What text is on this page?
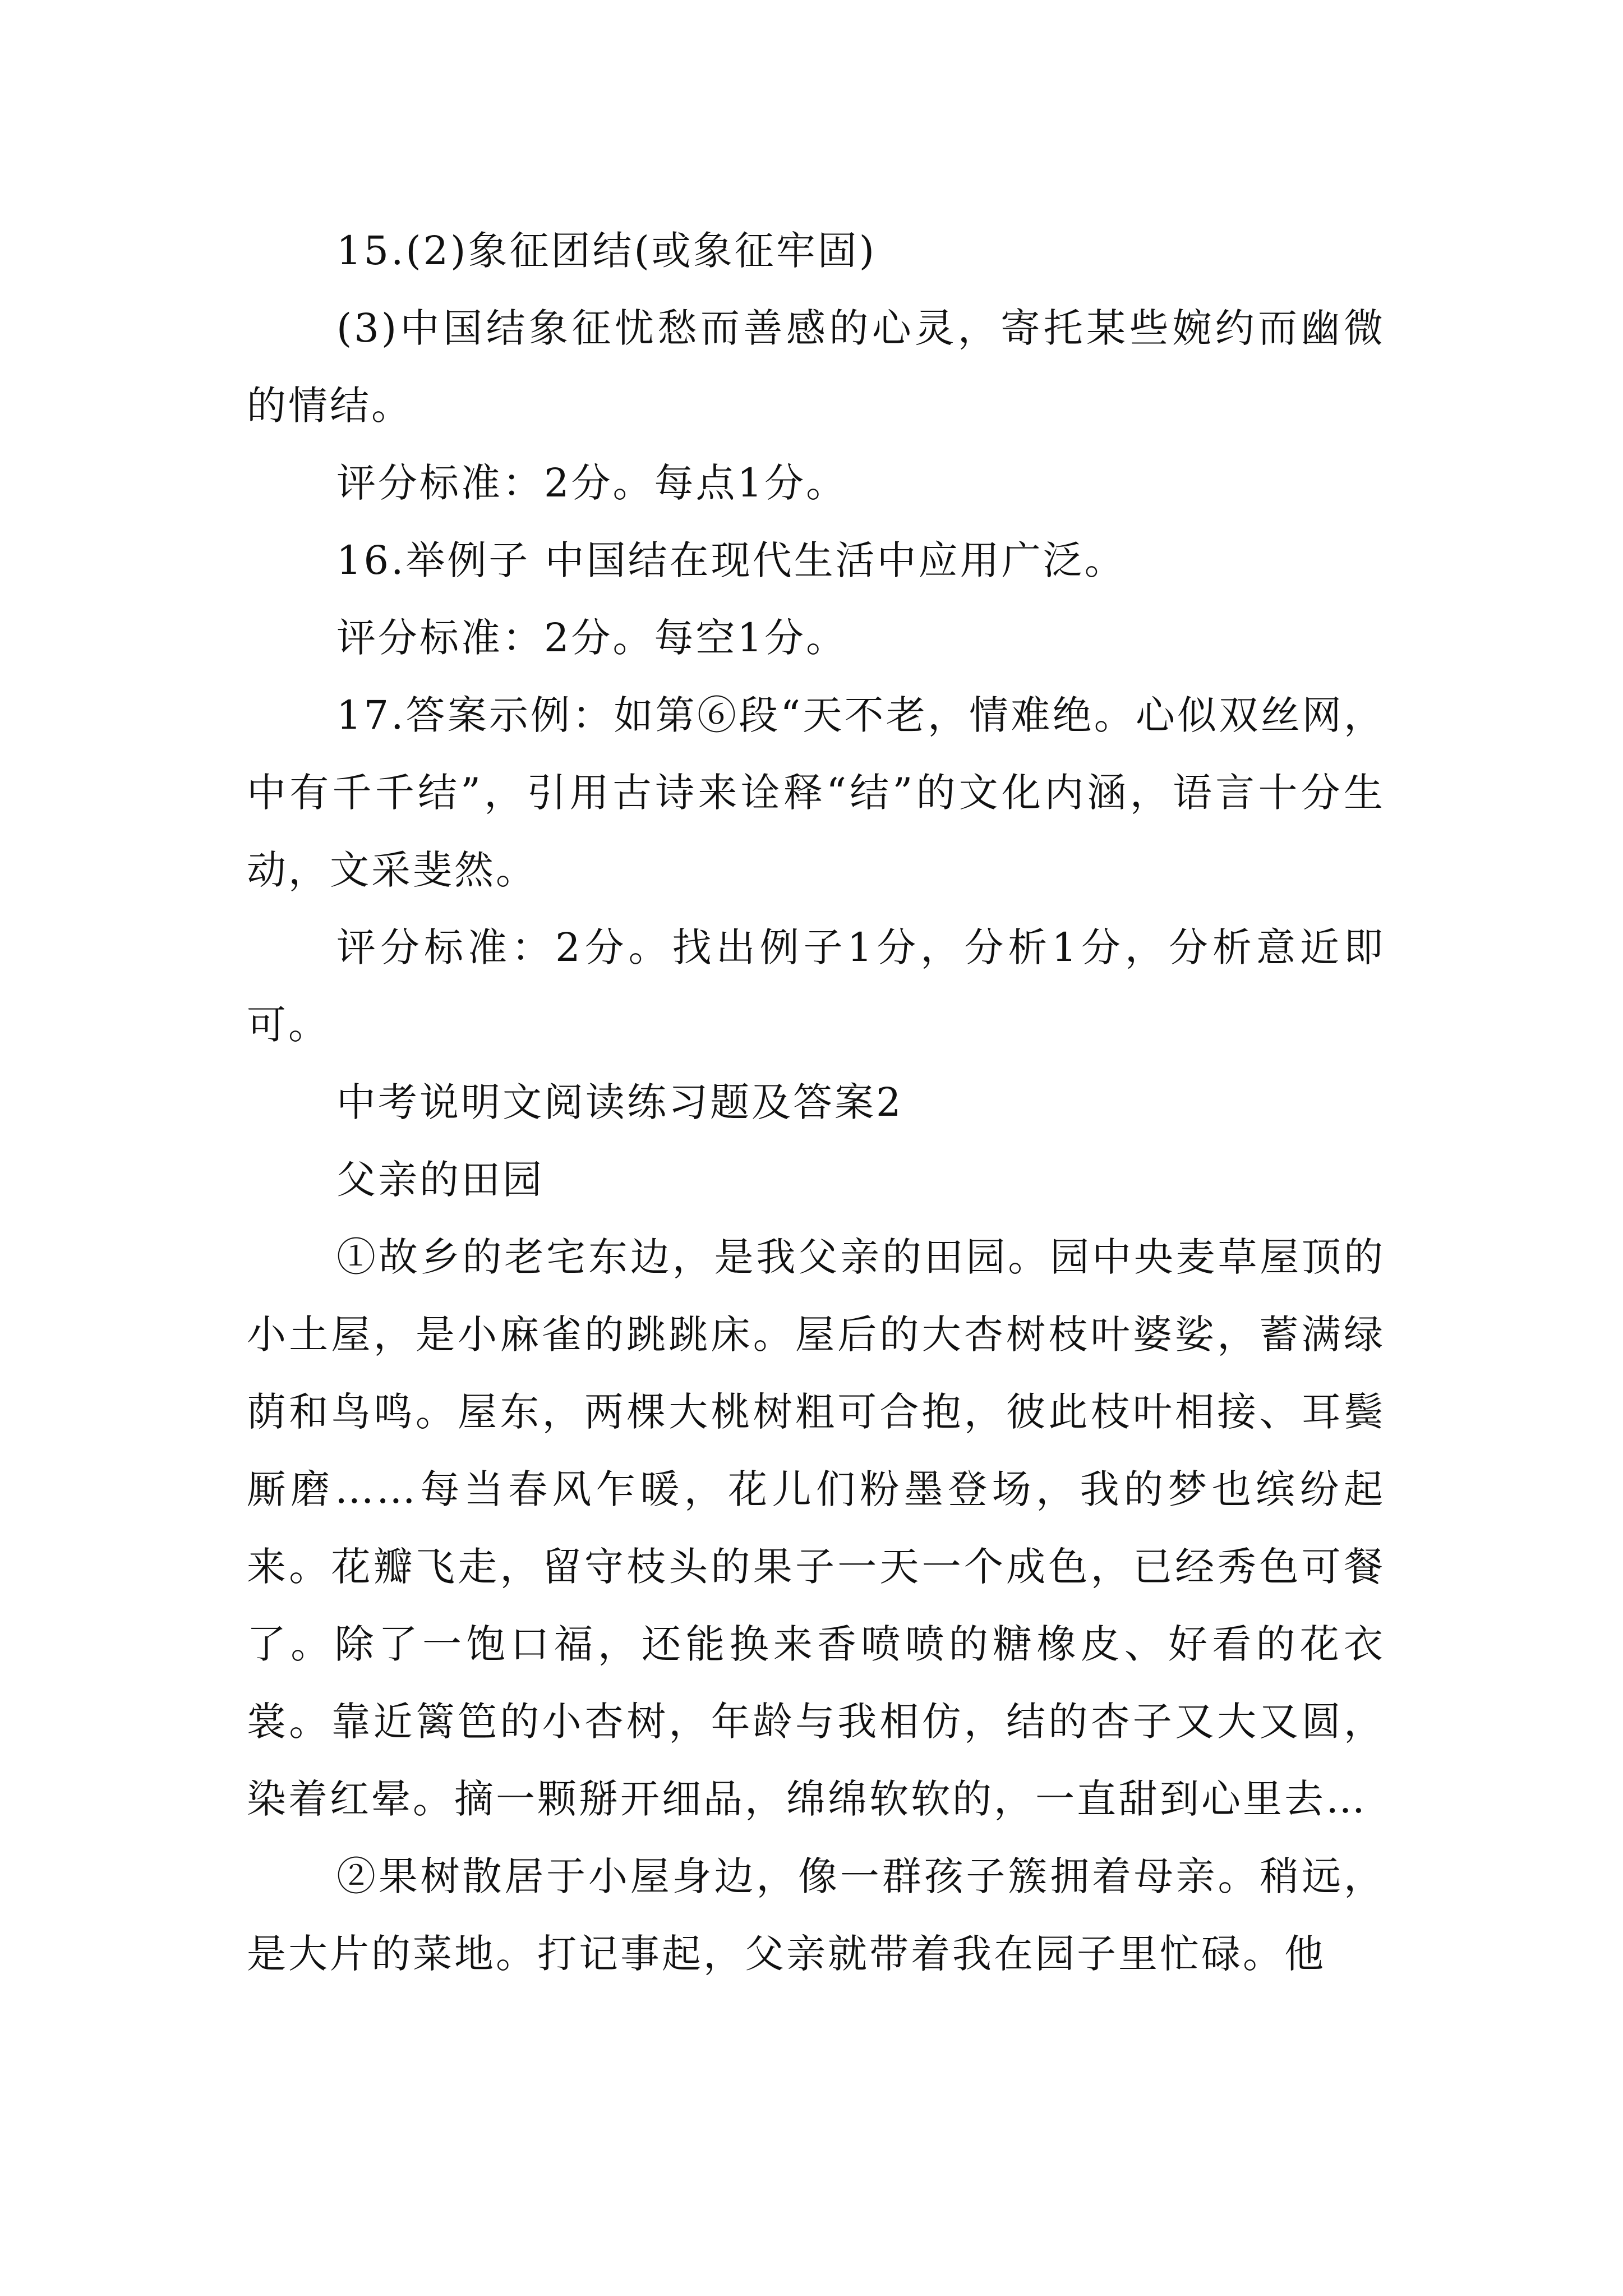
15.(2)象征团结(或象征牢固)

(3)中国结象征忧愁而善感的心灵，寄托某些婉约而幽微的情结。

评分标准：2分。每点1分。

16.举例子 中国结在现代生活中应用广泛。

评分标准：2分。每空1分。

17.答案示例：如第⑥段“天不老，情难绝。心似双丝网，中有千千结”，引用古诗来诠释“结”的文化内涵，语言十分生动，文采斐然。

评分标准：2分。找出例子1分，分析1分，分析意近即可。

中考说明文阅读练习题及答案2

父亲的田园

①故乡的老宅东边，是我父亲的田园。园中央麦草屋顶的小土屋，是小麻雀的跳跳床。屋后的大杏树枝叶婆娑，蓄满绿荫和鸟鸣。屋东，两棵大桃树粗可合抱，彼此枝叶相接、耳鬓厮磨……每当春风乍暖，花儿们粉墨登场，我的梦也缤纷起来。花瓣飞走，留守枝头的果子一天一个成色，已经秀色可餐了。除了一饱口福，还能换来香喷喷的糖橡皮、好看的花衣裳。靠近篱笆的小杏树，年龄与我相仿，结的杏子又大又圆，染着红晕。摘一颗掰开细品，绵绵软软的，一直甜到心里去…

②果树散居于小屋身边，像一群孩子簇拥着母亲。稍远，是大片的菜地。打记事起，父亲就带着我在园子里忙碌。他
